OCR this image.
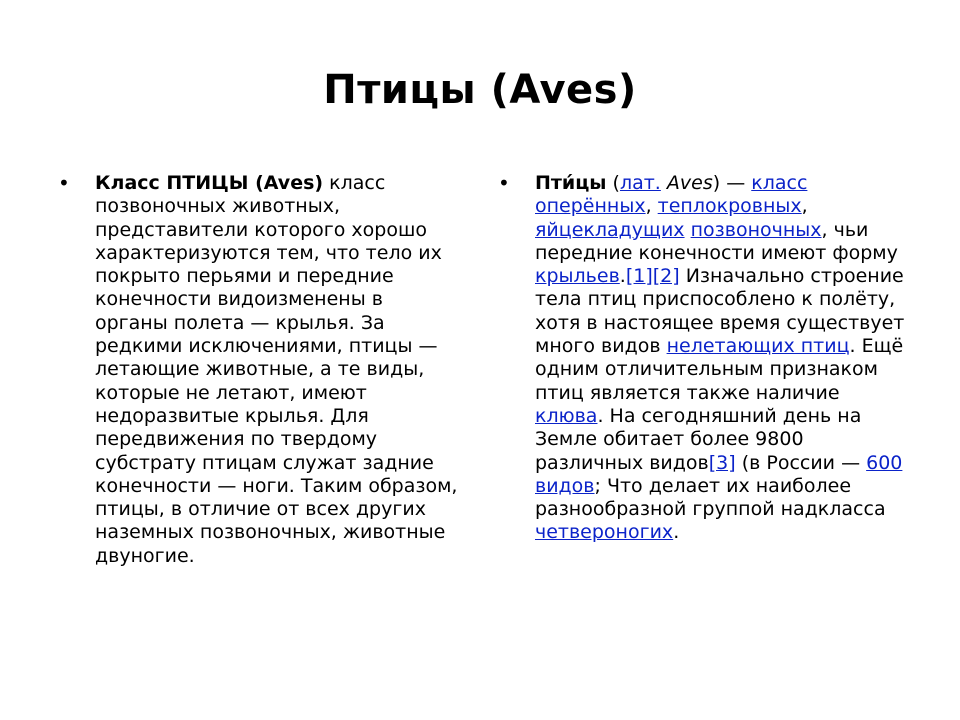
Птицы (Aves)
•	Класс ПТИЦЫ (Aves) класс позвоночных животных, представители которого хорошо характеризуются тем, что тело их покрыто перьями и передние конечности видоизменены в органы полета — крылья. За редкими исключениями, птицы — летающие животные, а те виды, которые не летают, имеют недоразвитые крылья. Для передвижения по твердому субстрату птицам служат задние конечности — ноги. Таким образом, птицы, в отличие от всех других наземных позвоночных, животные двуногие.

•	Пти́цы (лат. Aves) — класс оперённых, теплокровных, яйцекладущих позвоночных, чьи передние конечности имеют форму крыльев.[1][2] Изначально строение тела птиц приспособлено к полёту, хотя в настоящее время существует много видов нелетающих птиц. Ещё одним отличительным признаком птиц является также наличие клюва. На сегодняшний день на Земле обитает более 9800 различных видов[3] (в России — 600 видов; Что делает их наиболее разнообразной группой надкласса четвероногих.
